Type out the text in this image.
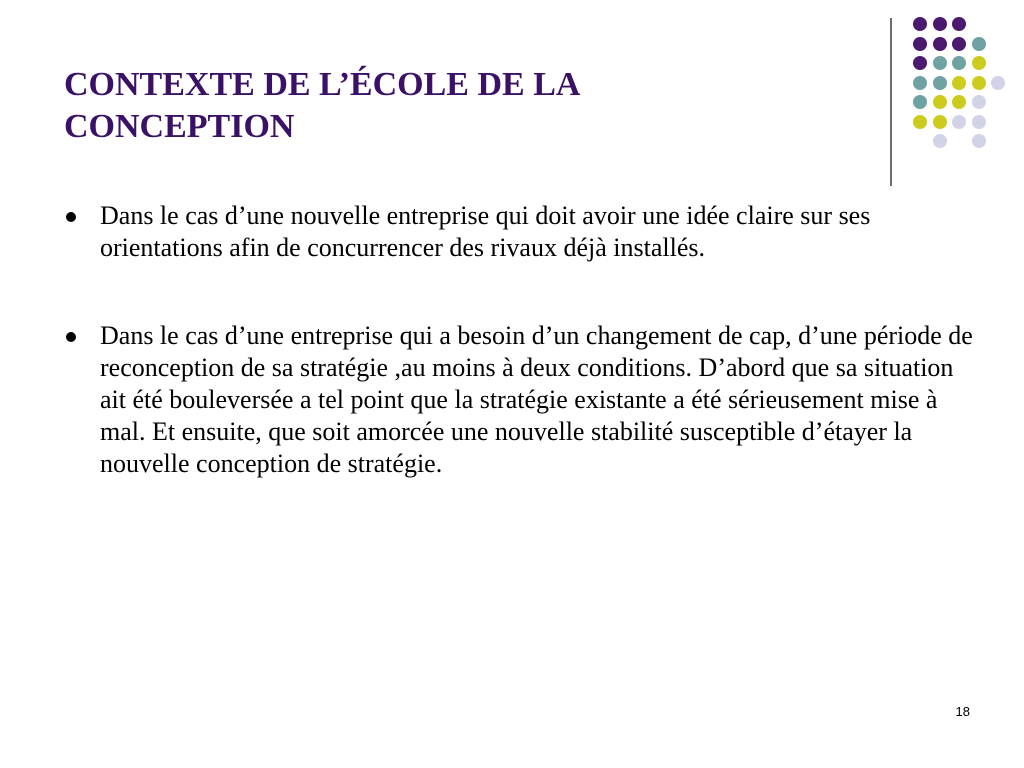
CONTEXTE DE L’ÉCOLE DE LA
CONCEPTION
Dans le cas d’une nouvelle entreprise qui doit avoir une idée claire sur ses orientations afin de concurrencer des rivaux déjà installés.
Dans le cas d’une entreprise qui a besoin d’un changement de cap, d’une période de reconception de sa stratégie ,au moins à deux conditions. D’abord que sa situation ait été bouleversée a tel point que la stratégie existante a été sérieusement mise à mal. Et ensuite, que soit amorcée une nouvelle stabilité susceptible d’étayer la nouvelle conception de stratégie.
18
